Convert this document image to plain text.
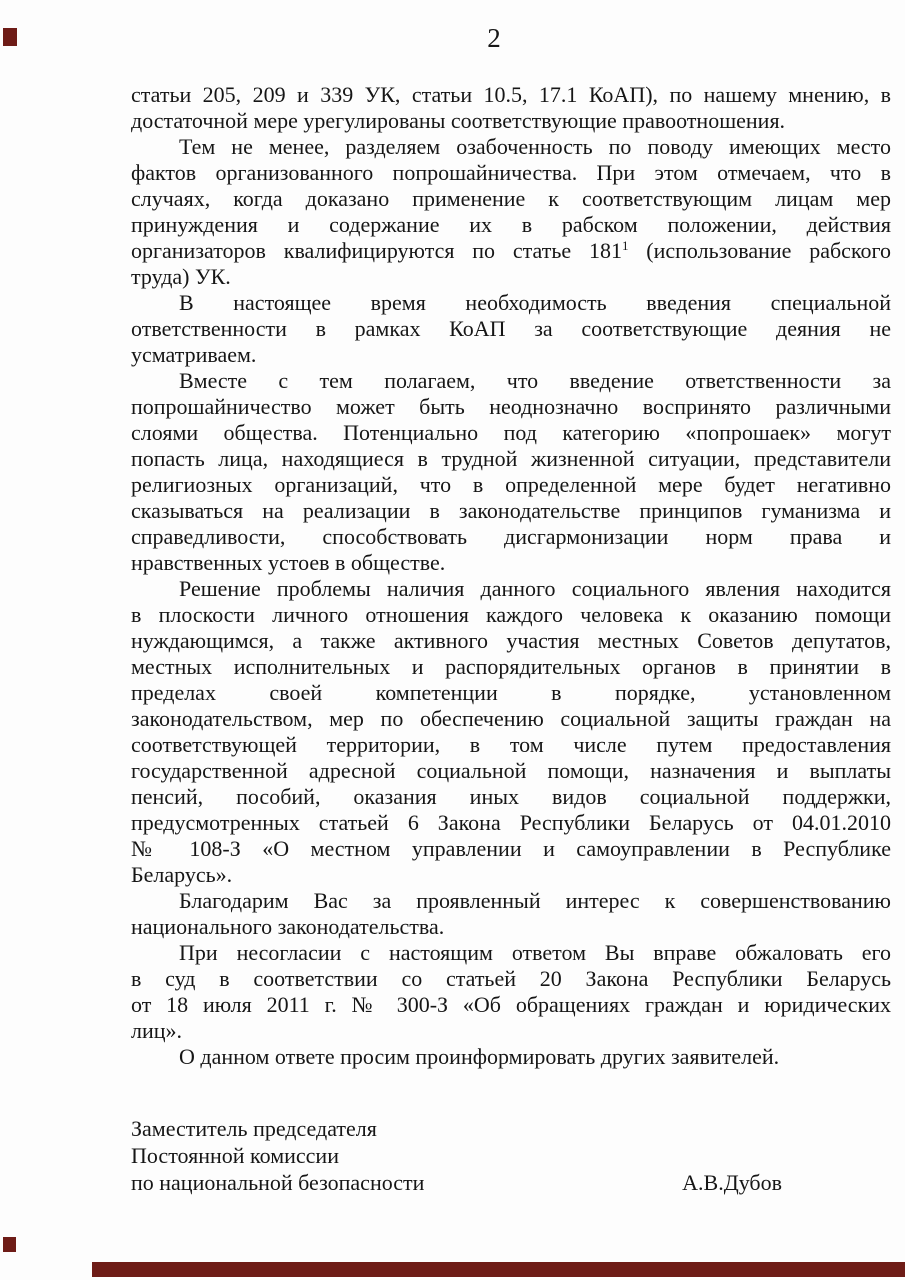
2

статьи 205, 209 и 339 УК, статьи 10.5, 17.1 КоАП), по нашему мнению, в
достаточной мере урегулированы соответствующие правоотношения.

Тем не менее, разделяем озабоченность по поводу имеющих место
фактов организованного попрошайничества. При этом отмечаем, что в
случаях, когда доказано применение к соответствующим лицам мер
принуждения и содержание их в рабском положении, действия
организаторов квалифицируются по статье $181^1$ (использование рабского
труда) УК.

В настоящее время необходимость введения специальной
ответственности в рамках КоАП за соответствующие деяния не
усматриваем.

Вместе с тем полагаем, что введение ответственности за
попрошайничество может быть неоднозначно воспринято различными
слоями общества. Потенциально под категорию «попрошаек» могут
попасть лица, находящиеся в трудной жизненной ситуации, представители
религиозных организаций, что в определенной мере будет негативно
сказываться на реализации в законодательстве принципов гуманизма и
справедливости, способствовать дисгармонизации норм права и
нравственных устоев в обществе.

Решение проблемы наличия данного социального явления находится
в плоскости личного отношения каждого человека к оказанию помощи
нуждающимся, а также активного участия местных Советов депутатов,
местных исполнительных и распорядительных органов в принятии в
пределах своей компетенции в порядке, установленном
законодательством, мер по обеспечению социальной защиты граждан на
соответствующей территории, в том числе путем предоставления
государственной адресной социальной помощи, назначения и выплаты
пенсий, пособий, оказания иных видов социальной поддержки,
предусмотренных статьей 6 Закона Республики Беларусь от 04.01.2010
№ 108-З «О местном управлении и самоуправлении в Республике
Беларусь».

Благодарим Вас за проявленный интерес к совершенствованию
национального законодательства.

При несогласии с настоящим ответом Вы вправе обжаловать его
в суд в соответствии со статьей 20 Закона Республики Беларусь
от 18 июля 2011 г. № 300-З «Об обращениях граждан и юридических
лиц».

О данном ответе просим проинформировать других заявителей.

Заместитель председателя
Постоянной комиссии
по национальной безопасности	А.В.Дубов
